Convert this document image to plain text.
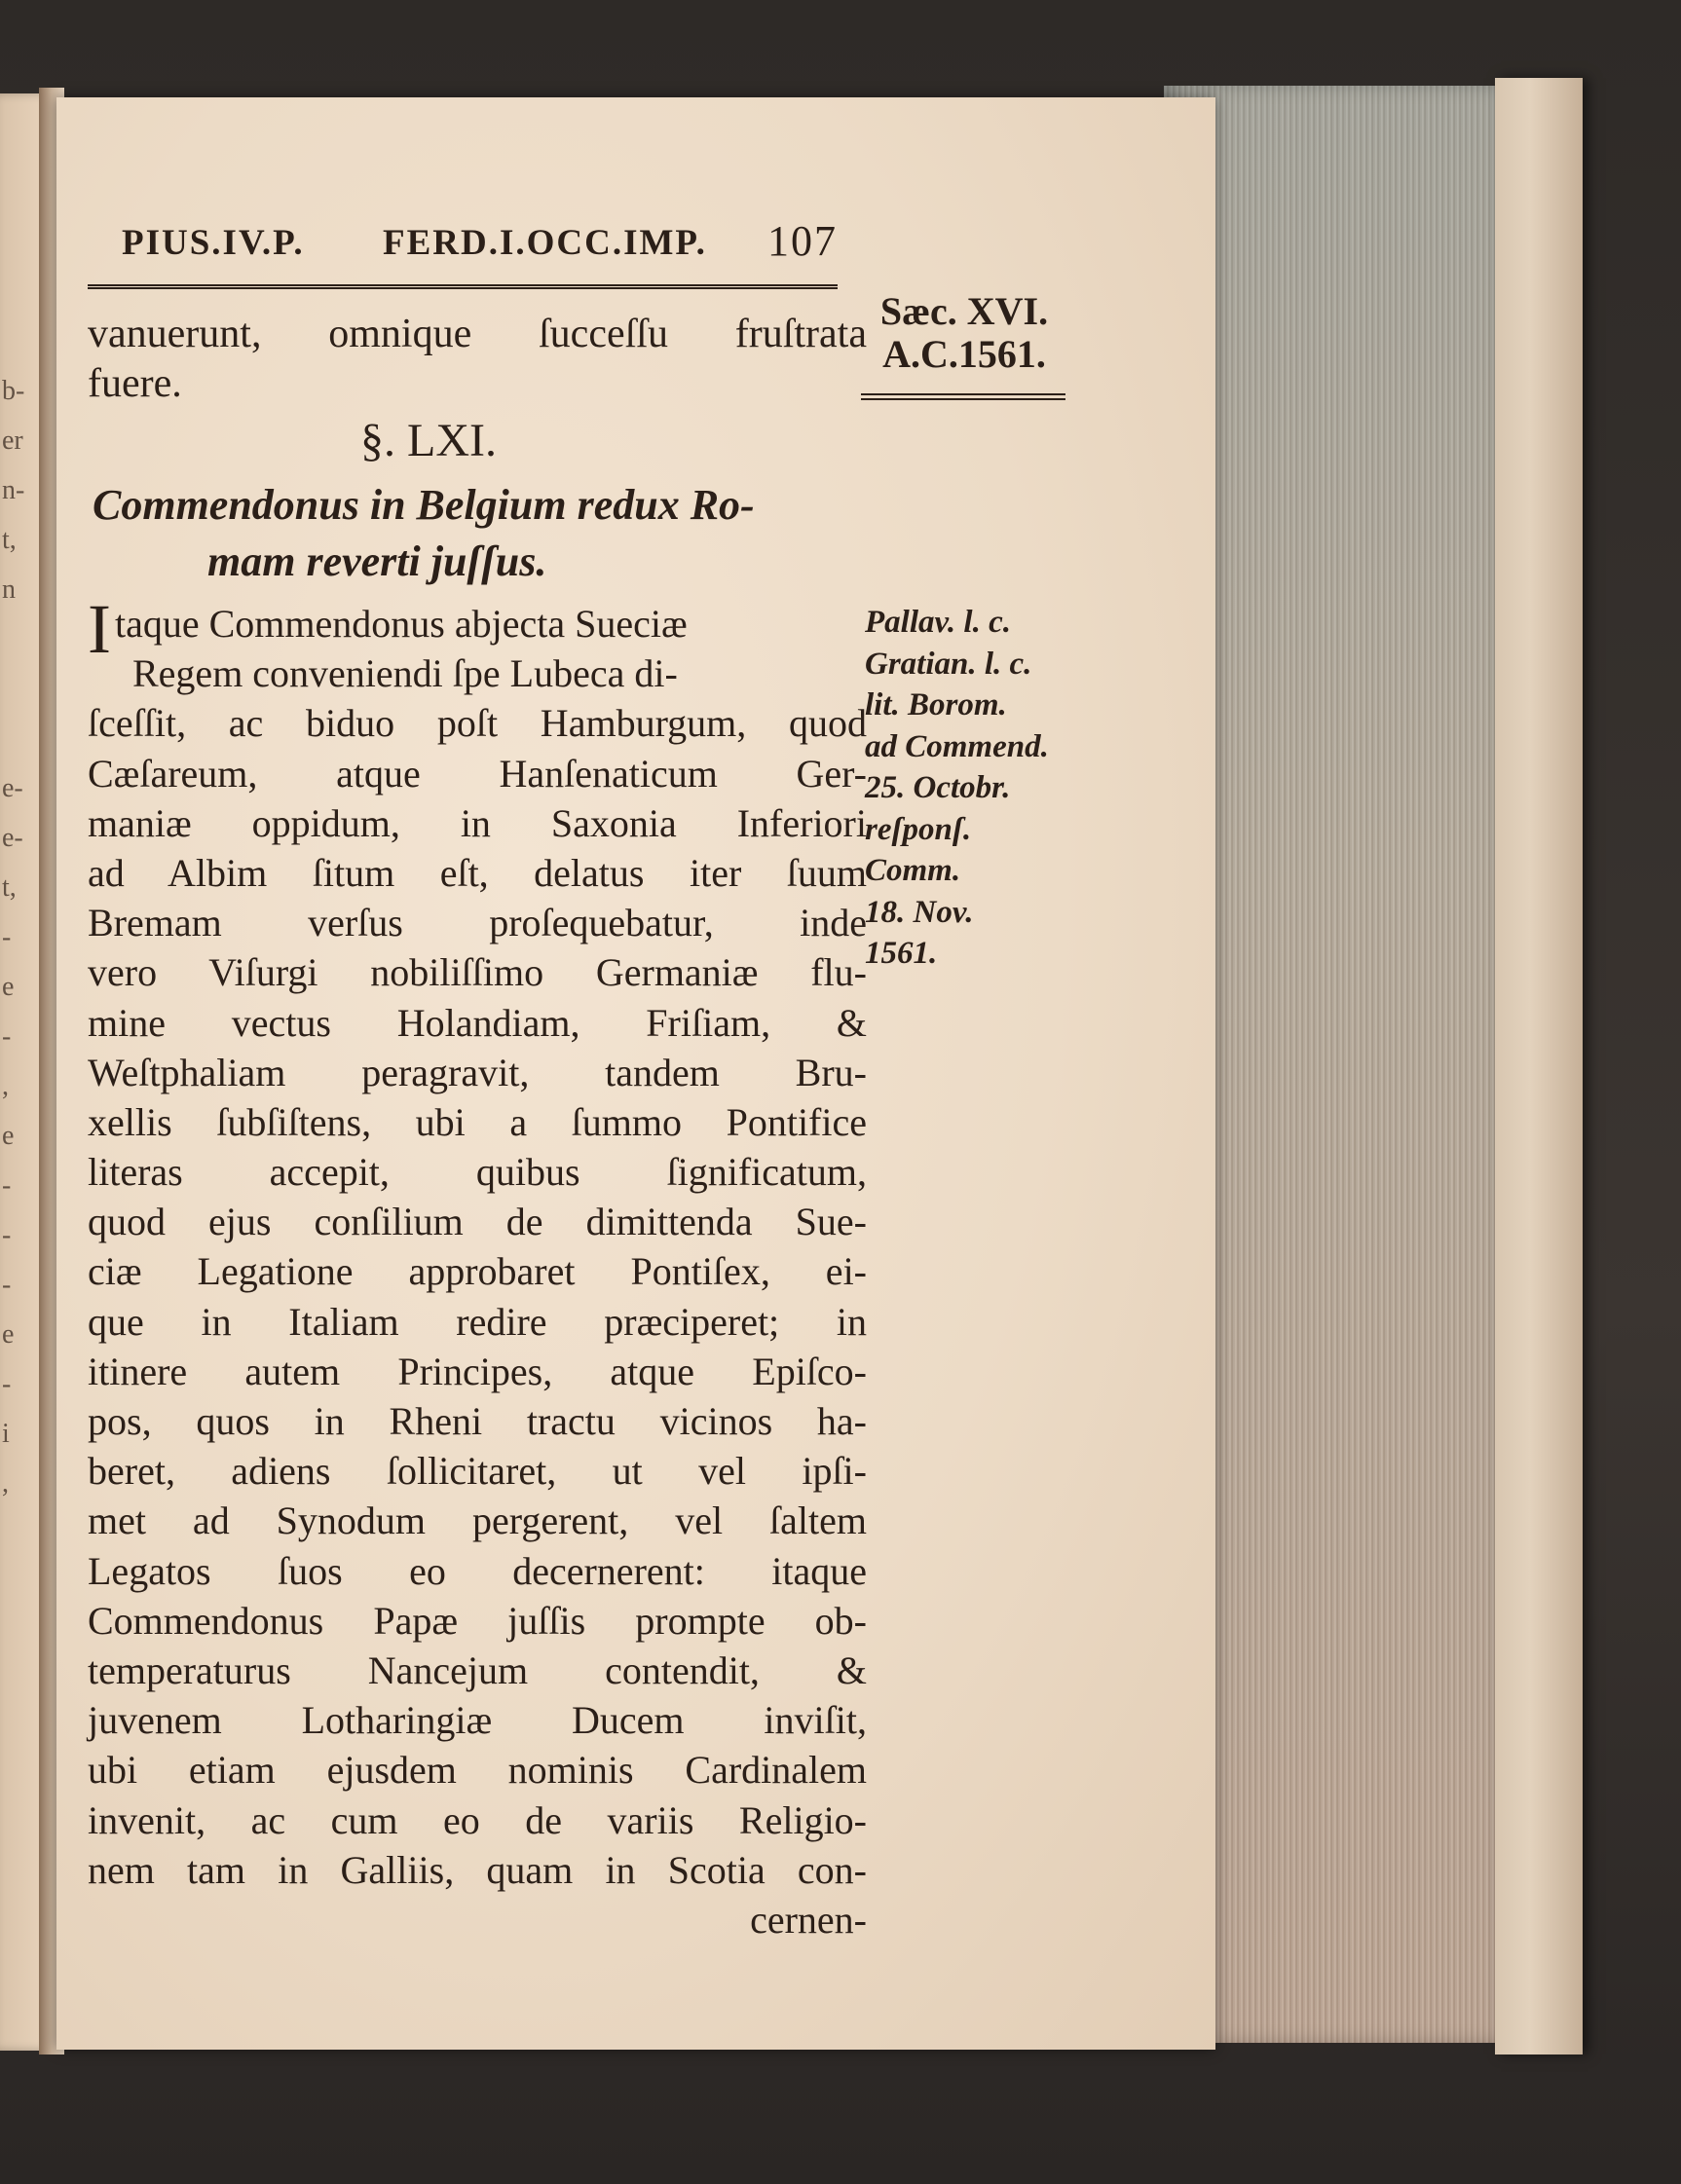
b-
er
n-
t,
n
e-
e-
t,
-
e
-
,
e
-
-
-
e
-
i
,
PIUS.IV.P. FERD.I.OCC.IMP. 107
Sæc. XVI.
A.C.1561.
vanuerunt, omnique ſucceſſu fruſtrata
fuere.
§. LXI.
Commendonus in Belgium redux Ro-
mam reverti juſſus.
Itaque Commendonus abjecta Sueciæ
Regem conveniendi ſpe Lubeca di-
ſceſſit, ac biduo poſt Hamburgum, quod
Cæſareum, atque Hanſenaticum Ger-
maniæ oppidum, in Saxonia Inferiori
ad Albim ſitum eſt, delatus iter ſuum
Bremam verſus proſequebatur, inde
vero Viſurgi nobiliſſimo Germaniæ flu-
mine vectus Holandiam, Friſiam, &
Weſtphaliam peragravit, tandem Bru-
xellis ſubſiſtens, ubi a ſummo Pontifice
literas accepit, quibus ſignificatum,
quod ejus conſilium de dimittenda Sue-
ciæ Legatione approbaret Pontiſex, ei-
que in Italiam redire præciperet; in
itinere autem Principes, atque Epiſco-
pos, quos in Rheni tractu vicinos ha-
beret, adiens ſollicitaret, ut vel ipſi-
met ad Synodum pergerent, vel ſaltem
Legatos ſuos eo decernerent: itaque
Commendonus Papæ juſſis prompte ob-
temperaturus Nancejum contendit, &
juvenem Lotharingiæ Ducem inviſit,
ubi etiam ejusdem nominis Cardinalem
invenit, ac cum eo de variis Religio-
nem tam in Galliis, quam in Scotia con-
cernen-
Pallav. l. c.
Gratian. l. c.
lit. Borom.
ad Commend.
25. Octobr.
reſponſ.
Comm.
18. Nov.
1561.
